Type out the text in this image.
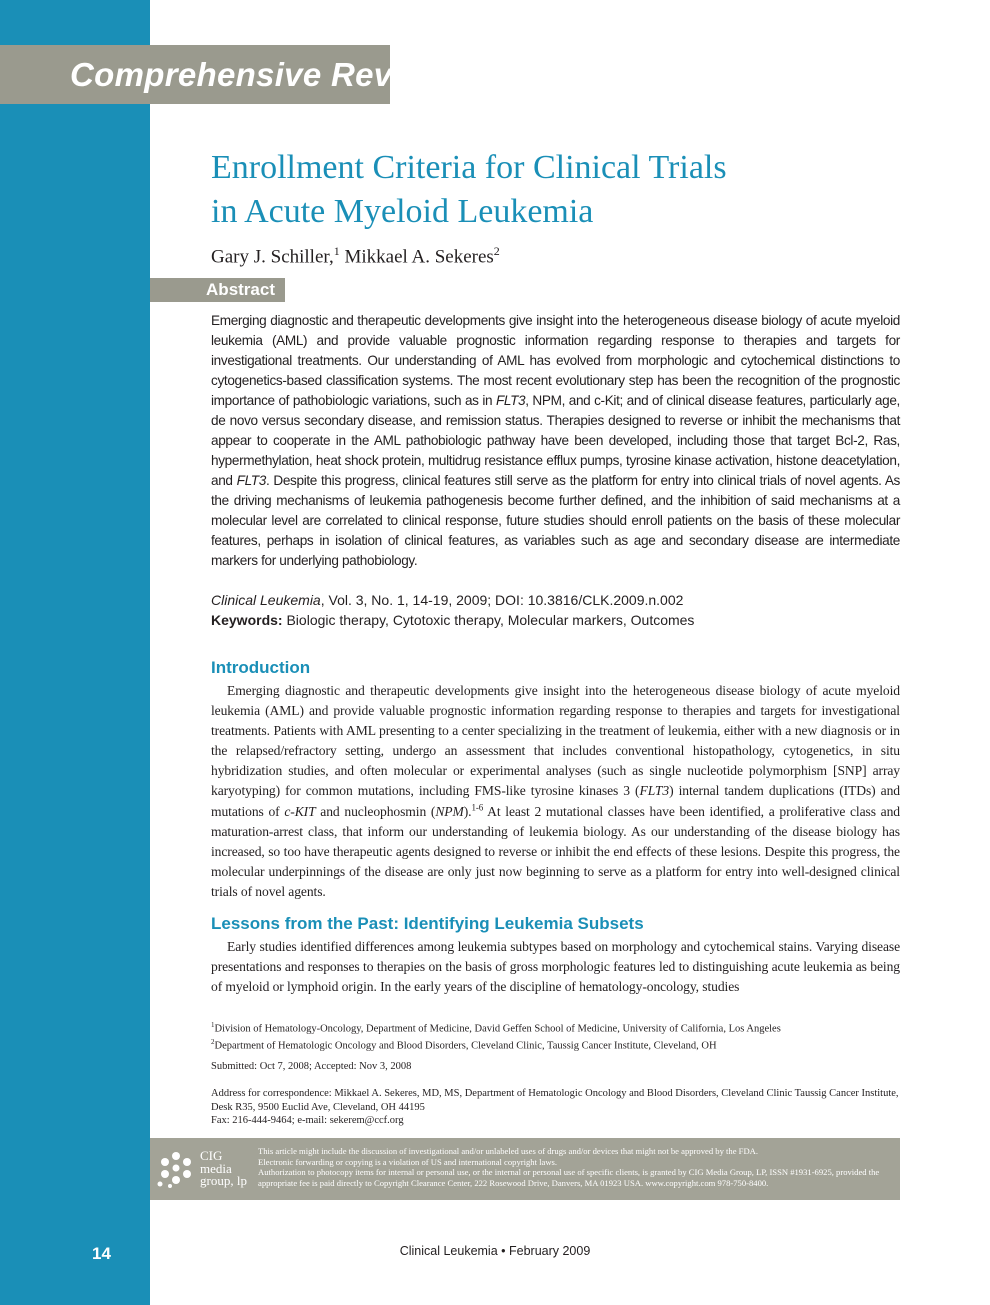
Comprehensive Review
Enrollment Criteria for Clinical Trials
in Acute Myeloid Leukemia
Gary J. Schiller,$^1$ Mikkael A. Sekeres$^2$
Abstract

Emerging diagnostic and therapeutic developments give insight into the heterogeneous disease biology of acute myeloid leukemia (AML) and provide valuable prognostic information regarding response to therapies and targets for investigational treatments. Our understanding of AML has evolved from morphologic and cytochemical distinctions to cytogenetics-based classification systems. The most recent evolutionary step has been the recognition of the prognostic importance of pathobiologic variations, such as in FLT3, NPM, and c-Kit; and of clinical disease features, particularly age, de novo versus secondary disease, and remission status. Therapies designed to reverse or inhibit the mechanisms that appear to cooperate in the AML pathobiologic pathway have been developed, including those that target Bcl-2, Ras, hypermethylation, heat shock protein, multidrug resistance efflux pumps, tyrosine kinase activation, histone deacetylation, and FLT3. Despite this progress, clinical features still serve as the platform for entry into clinical trials of novel agents. As the driving mechanisms of leukemia pathogenesis become further defined, and the inhibition of said mechanisms at a molecular level are correlated to clinical response, future studies should enroll patients on the basis of these molecular features, perhaps in isolation of clinical features, as variables such as age and secondary disease are intermediate markers for underlying pathobiology.

Clinical Leukemia, Vol. 3, No. 1, 14-19, 2009; DOI: 10.3816/CLK.2009.n.002
Keywords: Biologic therapy, Cytotoxic therapy, Molecular markers, Outcomes
Introduction

Emerging diagnostic and therapeutic developments give insight into the heterogeneous disease biology of acute myeloid leukemia (AML) and provide valuable prognostic information regarding response to therapies and targets for investigational treatments. Patients with AML presenting to a center specializing in the treatment of leukemia, either with a new diagnosis or in the relapsed/refractory setting, undergo an assessment that includes conventional histopathology, cytogenetics, in situ hybridization studies, and often molecular or experimental analyses (such as single nucleotide polymorphism [SNP] array karyotyping) for common mutations, including FMS-like tyrosine kinases 3 (FLT3) internal tandem duplications (ITDs) and mutations of c-KIT and nucleophosmin (NPM).$^{1-6}$ At least 2 mutational classes have been identified, a proliferative class and maturation-arrest class, that inform our understanding of leukemia biology. As our understanding of the disease biology has increased, so too have therapeutic agents designed to reverse or inhibit the end effects of these lesions. Despite this progress, the molecular underpinnings of the disease are only just now beginning to serve as a platform for entry into well-designed clinical trials of novel agents.

Lessons from the Past: Identifying Leukemia Subsets

Early studies identified differences among leukemia subtypes based on morphology and cytochemical stains. Varying disease presentations and responses to therapies on the basis of gross morphologic features led to distinguishing acute leukemia as being of myeloid or lymphoid origin. In the early years of the discipline of hematology-oncology, studies

$^1$Division of Hematology-Oncology, Department of Medicine, David Geffen School of Medicine, University of California, Los Angeles
$^2$Department of Hematologic Oncology and Blood Disorders, Cleveland Clinic, Taussig Cancer Institute, Cleveland, OH
Submitted: Oct 7, 2008; Accepted: Nov 3, 2008
Address for correspondence: Mikkael A. Sekeres, MD, MS, Department of Hematologic Oncology and Blood Disorders, Cleveland Clinic Taussig Cancer Institute, Desk R35, 9500 Euclid Ave, Cleveland, OH 44195
Fax: 216-444-9464; e-mail: sekerem@ccf.org
CIG
media
group, lp
This article might include the discussion of investigational and/or unlabeled uses of drugs and/or devices that might not be approved by the FDA.
Electronic forwarding or copying is a violation of US and international copyright laws.
Authorization to photocopy items for internal or personal use, or the internal or personal use of specific clients, is granted by CIG Media Group, LP, ISSN #1931-6925, provided the appropriate fee is paid directly to Copyright Clearance Center, 222 Rosewood Drive, Danvers, MA 01923 USA. www.copyright.com 978-750-8400.
14	Clinical Leukemia • February 2009
